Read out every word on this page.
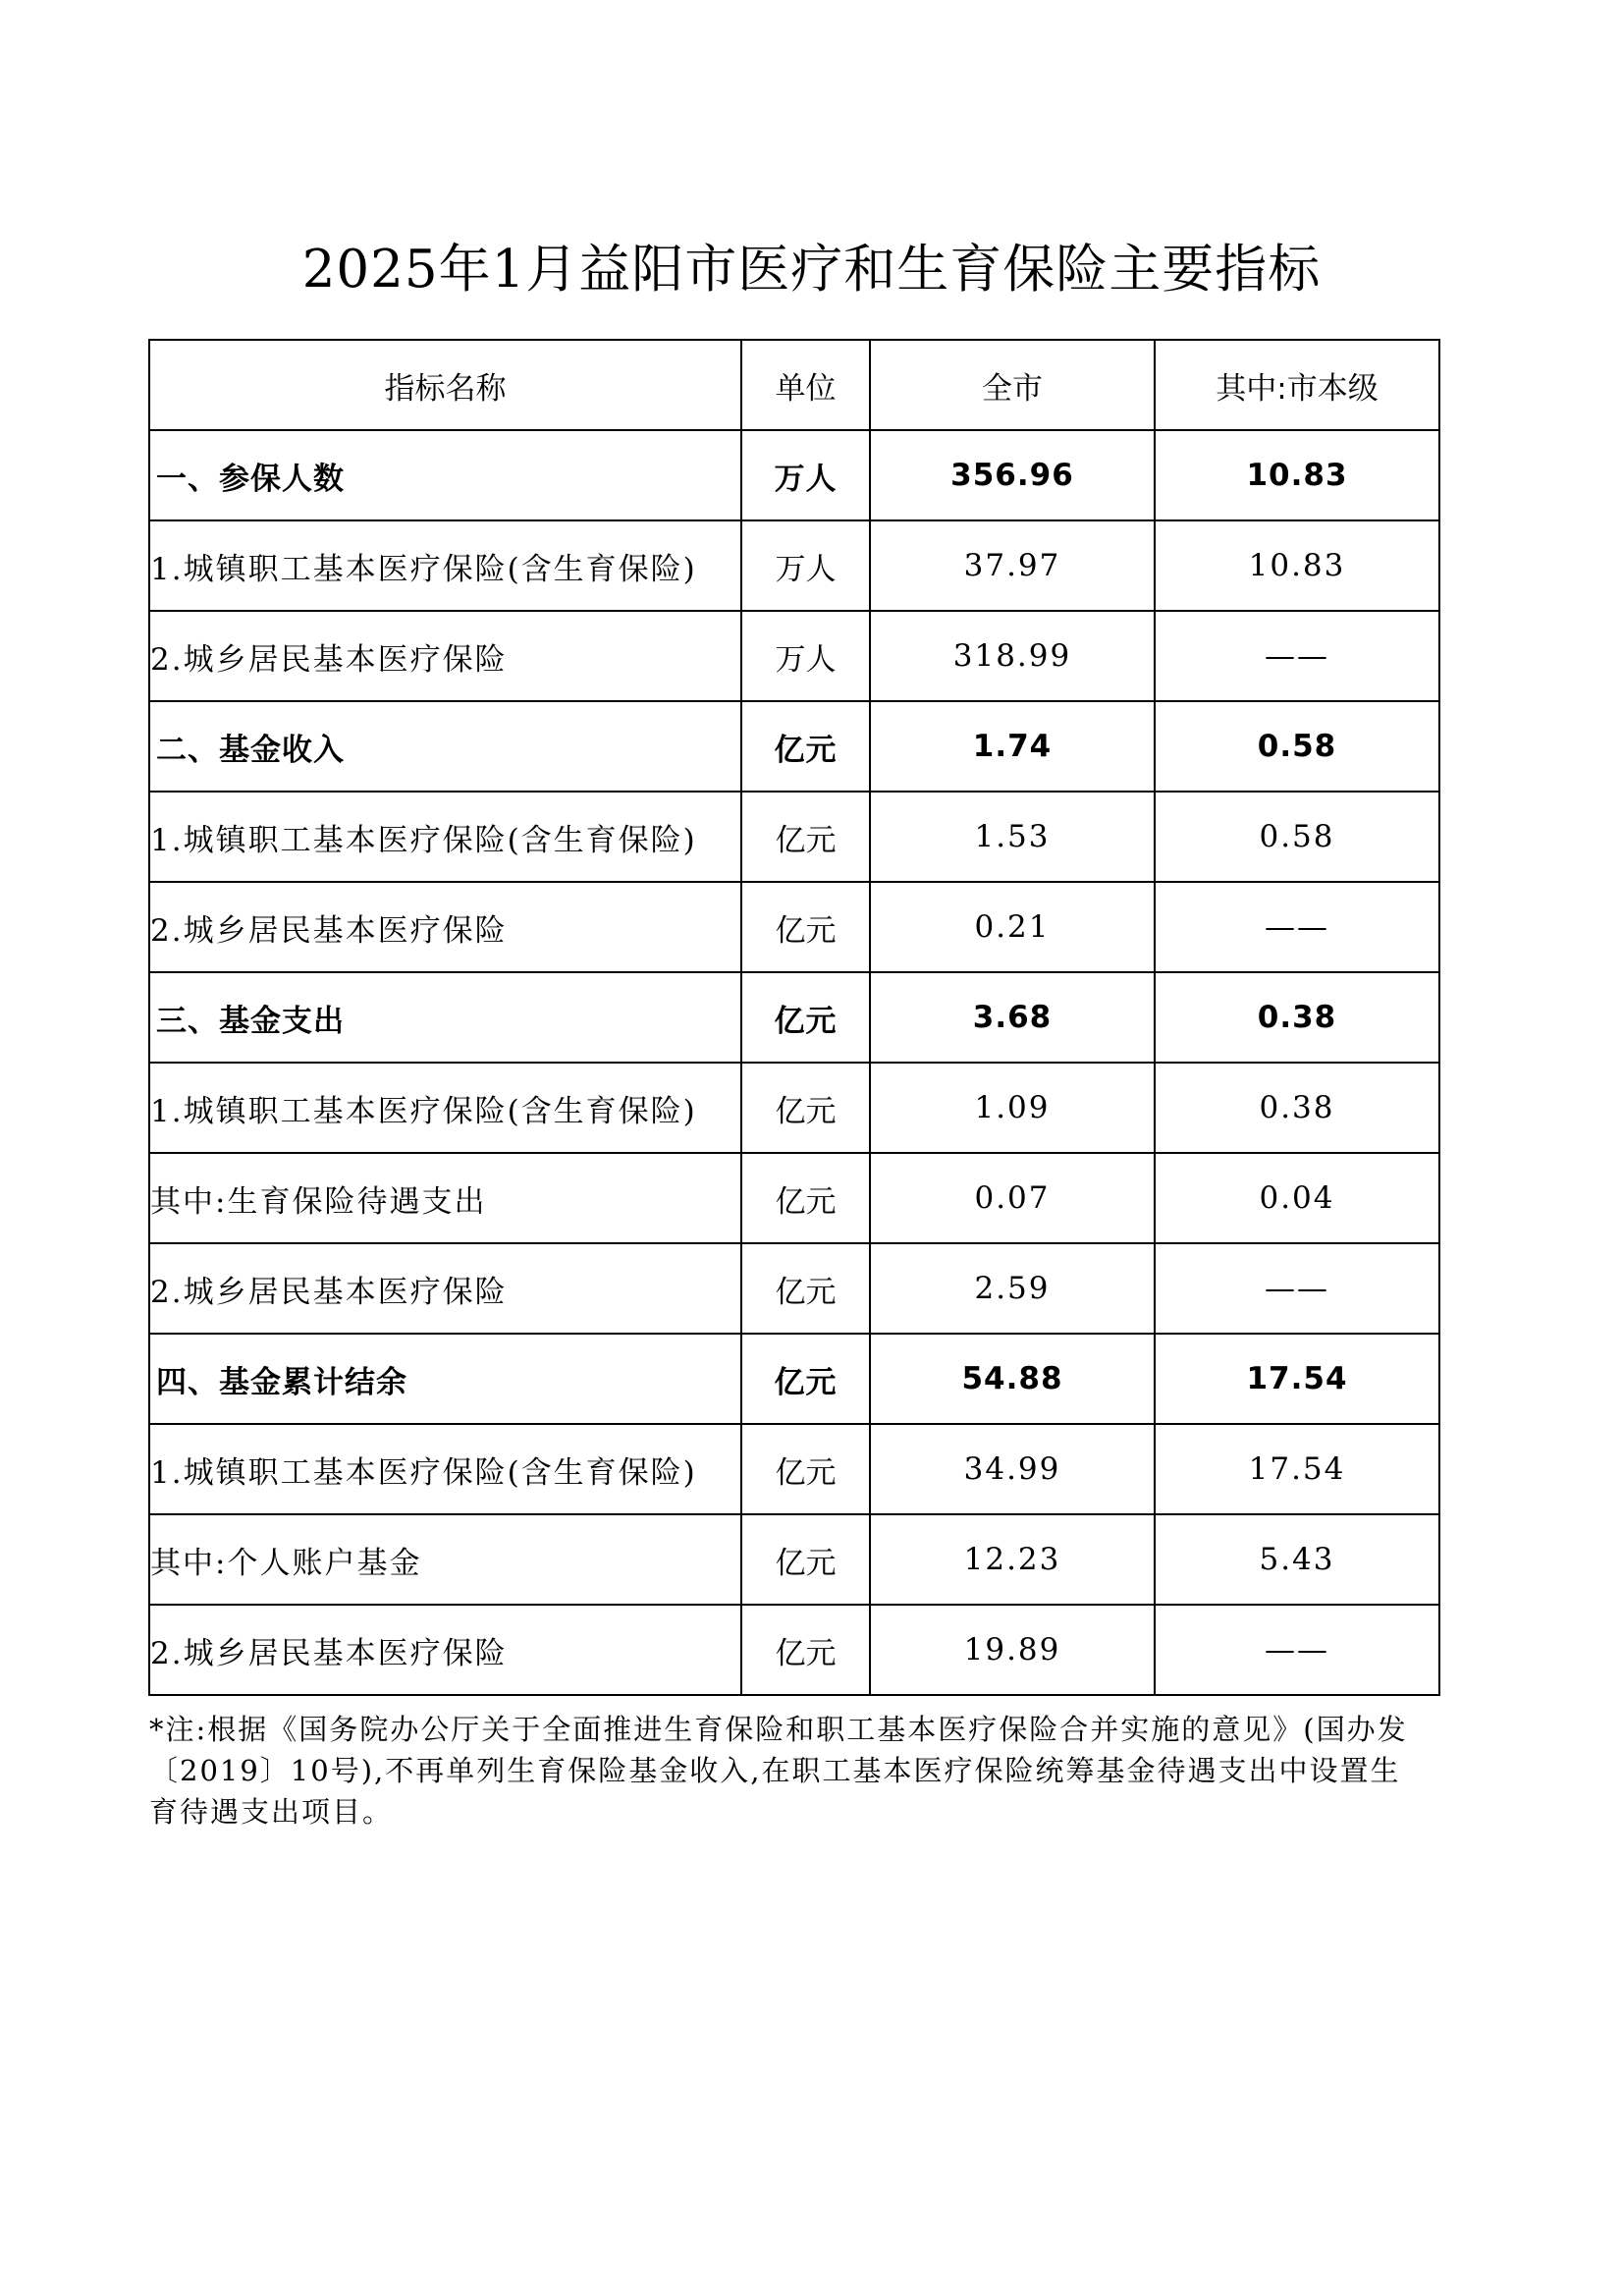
2025年1月益阳市医疗和生育保险主要指标
指标名称	单位	全市	其中:市本级
一、参保人数	万人	356.96	10.83
1.城镇职工基本医疗保险(含生育保险)	万人	37.97	10.83
2.城乡居民基本医疗保险	万人	318.99	——
二、基金收入	亿元	1.74	0.58
1.城镇职工基本医疗保险(含生育保险)	亿元	1.53	0.58
2.城乡居民基本医疗保险	亿元	0.21	——
三、基金支出	亿元	3.68	0.38
1.城镇职工基本医疗保险(含生育保险)	亿元	1.09	0.38
其中:生育保险待遇支出	亿元	0.07	0.04
2.城乡居民基本医疗保险	亿元	2.59	——
四、基金累计结余	亿元	54.88	17.54
1.城镇职工基本医疗保险(含生育保险)	亿元	34.99	17.54
其中:个人账户基金	亿元	12.23	5.43
2.城乡居民基本医疗保险	亿元	19.89	——
*注:根据《国务院办公厅关于全面推进生育保险和职工基本医疗保险合并实施的意见》(国办发〔2019〕10号),不再单列生育保险基金收入,在职工基本医疗保险统筹基金待遇支出中设置生育待遇支出项目。
